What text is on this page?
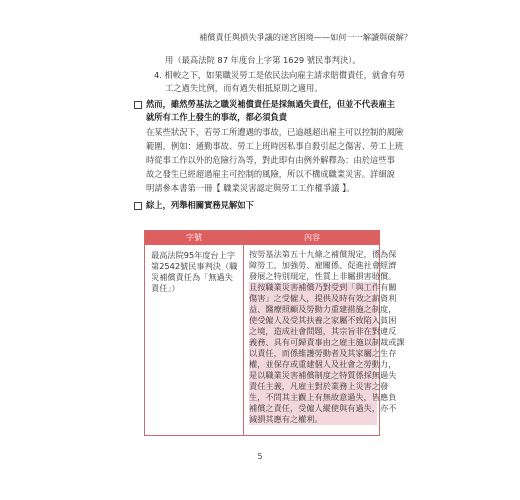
補償責任與損失爭議的迷宮困境——如何一一解讀與破解？
用（最高法院 87 年度台上字第 1629 號民事判決）。
4. 相較之下，如果職災勞工是依民法向雇主請求賠償責任，就會有勞
工之過失比例，而有過失相抵原則之適用。
然而，雖然勞基法之職災補償責任是採無過失責任，但並不代表雇主
就所有工作上發生的事故，都必須負責
在某些狀況下，若勞工所遭遇的事故，已逾越超出雇主可以控制的風險
範圍，例如：通勤事故、勞工上班時因私事自殺引起之傷害、勞工上班
時從事工作以外的危險行為等，對此即有由例外解釋為：由於這些事
故之發生已經超過雇主可控制的風險，所以不構成職業災害。詳細說
明請參本書第一冊【 職業災害認定與勞工工作權爭議 】。
綜上，列舉相關實務見解如下
字號	內容
最高法院95年度台上字第2542號民事判決（職災補償責任為「無過失責任」）
按勞基法第五十九條之補償規定，係為保
障勞工，加強勞、雇關係、促進社會經濟
發展之特別規定，性質上非屬損害賠償。
且按職業災害補償乃對受到「與工作有關
傷害」之受僱人，提供及時有效之薪資利
益、醫療照顧及勞動力重建措施之制度，
使受僱人及受其扶養之家屬不致陷入貧困
之境，造成社會問題，其宗旨非在對違反
義務、具有可歸責事由之雇主施以制裁或課
以責任，而係維護勞動者及其家屬之生存
權，並保存或重建個人及社會之勞動力，
是以職業災害補償制度之特質係採無過失
責任主義，凡雇主對於業務上災害之發
生，不問其主觀上有無故意過失，皆應負
補償之責任，受僱人縱使與有過失，亦不
減損其應有之權利。
5
